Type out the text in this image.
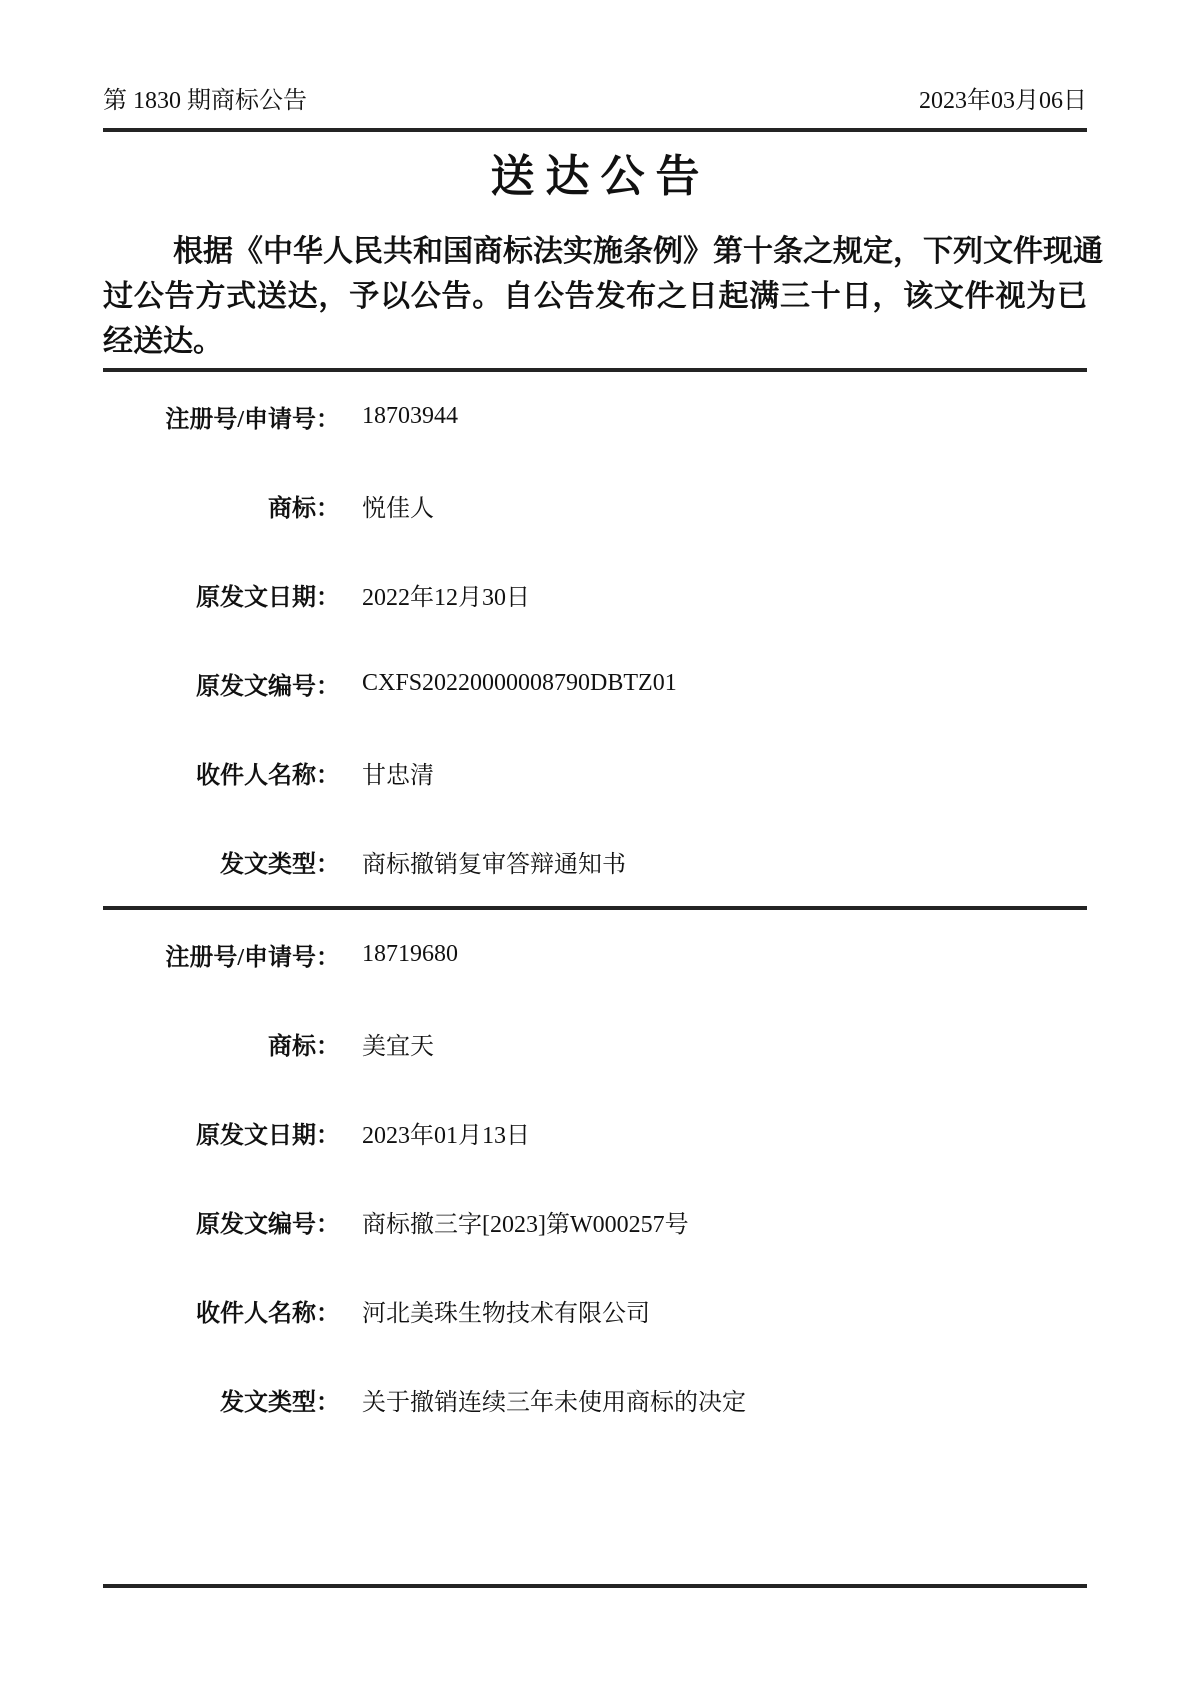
第 1830 期商标公告	2023年03月06日
送 达 公 告
根据《中华人民共和国商标法实施条例》第十条之规定，下列文件现通
过公告方式送达，予以公告。自公告发布之日起满三十日，该文件视为已
经送达。
注册号/申请号： 18703944
商标： 悦佳人
原发文日期： 2022年12月30日
原发文编号： CXFS20220000008790DBTZ01
收件人名称： 甘忠清
发文类型： 商标撤销复审答辩通知书
注册号/申请号： 18719680
商标： 美宜天
原发文日期： 2023年01月13日
原发文编号： 商标撤三字[2023]第W000257号
收件人名称： 河北美珠生物技术有限公司
发文类型： 关于撤销连续三年未使用商标的决定
